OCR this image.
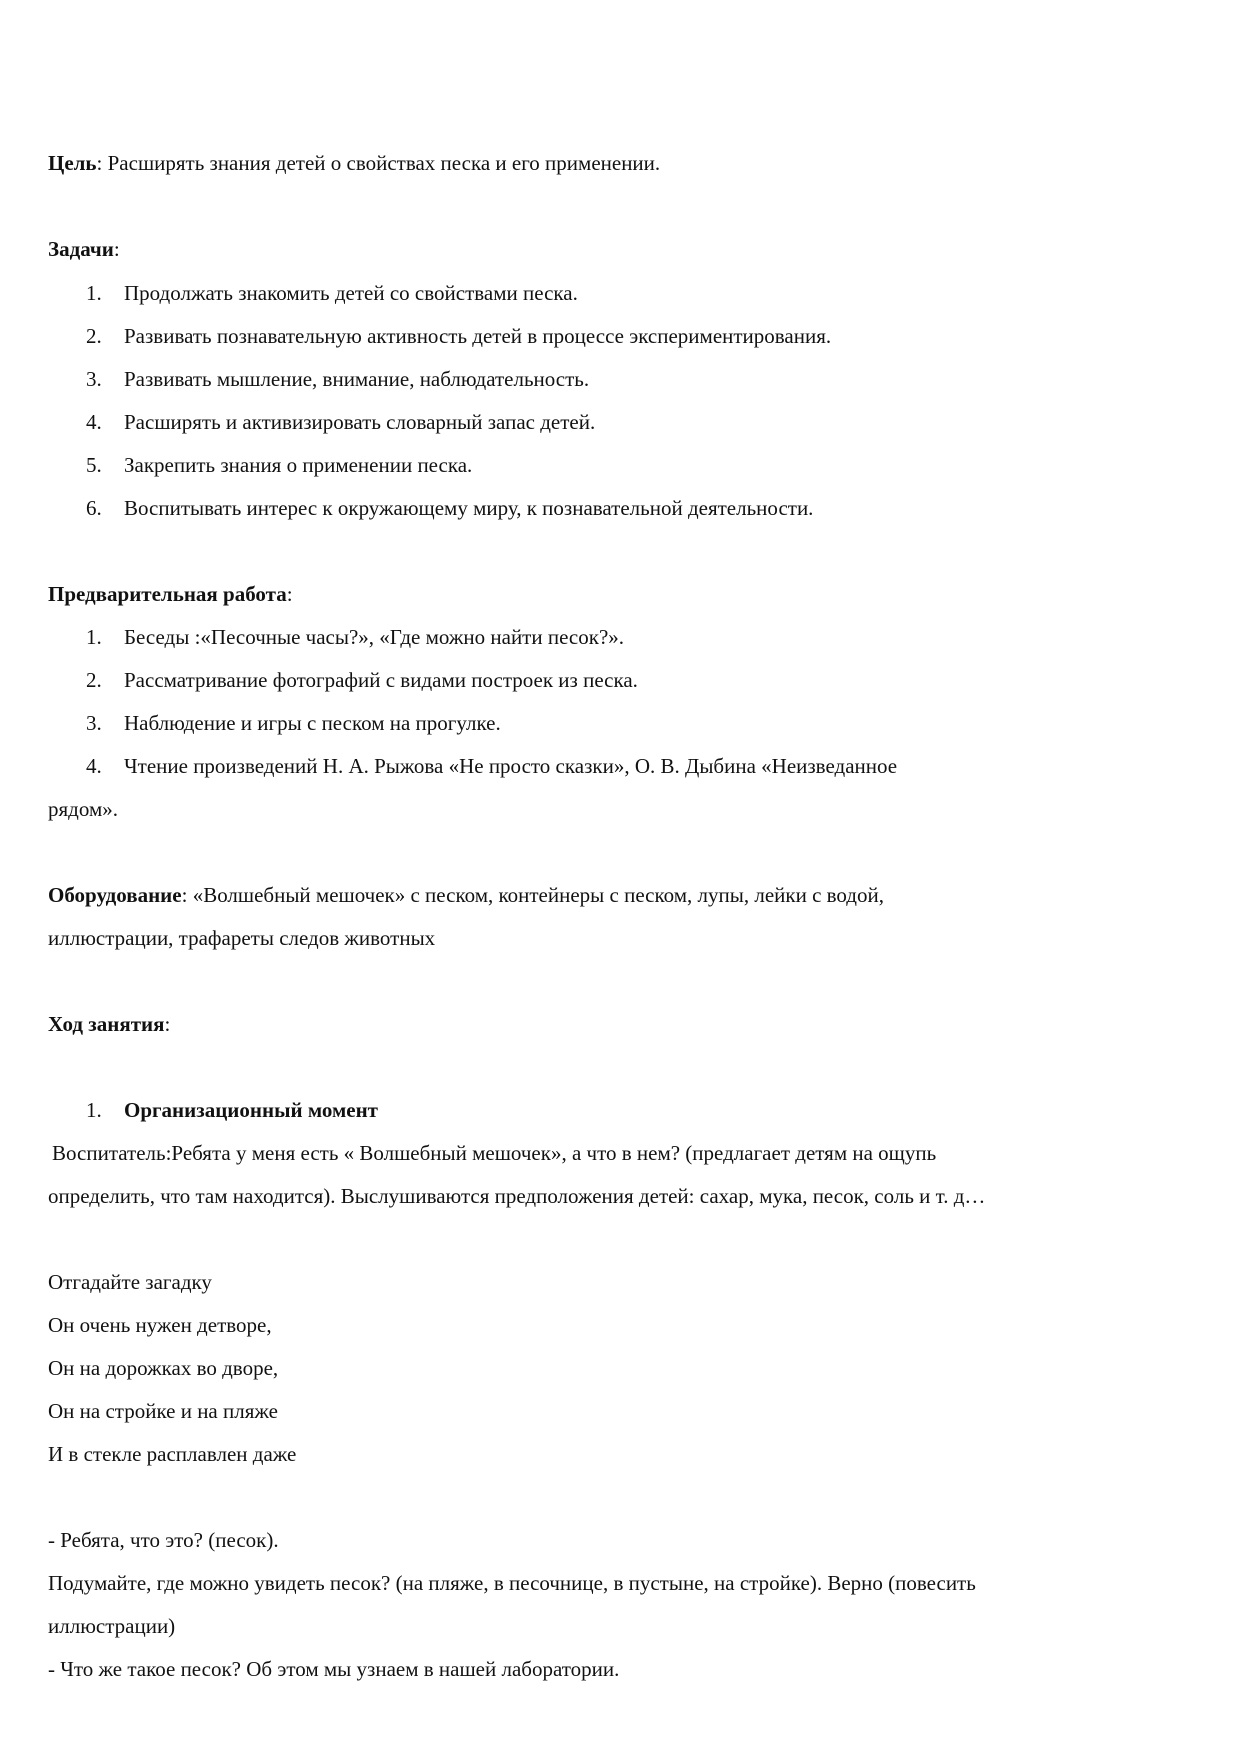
Цель: Расширять знания детей о свойствах песка и его применении.
Задачи:
1. Продолжать знакомить детей со свойствами песка.
2. Развивать познавательную активность детей в процессе экспериментирования.
3. Развивать мышление, внимание, наблюдательность.
4. Расширять и активизировать словарный запас детей.
5. Закрепить знания о применении песка.
6. Воспитывать интерес к окружающему миру, к познавательной деятельности.
Предварительная работа:
1. Беседы :«Песочные часы?», «Где можно найти песок?».
2. Рассматривание фотографий с видами построек из песка.
3. Наблюдение и игры с песком на прогулке.
4. Чтение произведений Н. А. Рыжова «Не просто сказки», О. В. Дыбина «Неизведанное
рядом».
Оборудование: «Волшебный мешочек» с песком, контейнеры с песком, лупы, лейки с водой,
иллюстрации, трафареты следов животных
Ход занятия:
1. Организационный момент
Воспитатель:Ребята у меня есть « Волшебный мешочек», а что в нем? (предлагает детям на ощупь
определить, что там находится). Выслушиваются предположения детей: сахар, мука, песок, соль и т. д…
Отгадайте загадку
Он очень нужен детворе,
Он на дорожках во дворе,
Он на стройке и на пляже
И в стекле расплавлен даже
- Ребята, что это? (песок).
Подумайте, где можно увидеть песок? (на пляже, в песочнице, в пустыне, на стройке). Верно (повесить
иллюстрации)
- Что же такое песок? Об этом мы узнаем в нашей лаборатории.
